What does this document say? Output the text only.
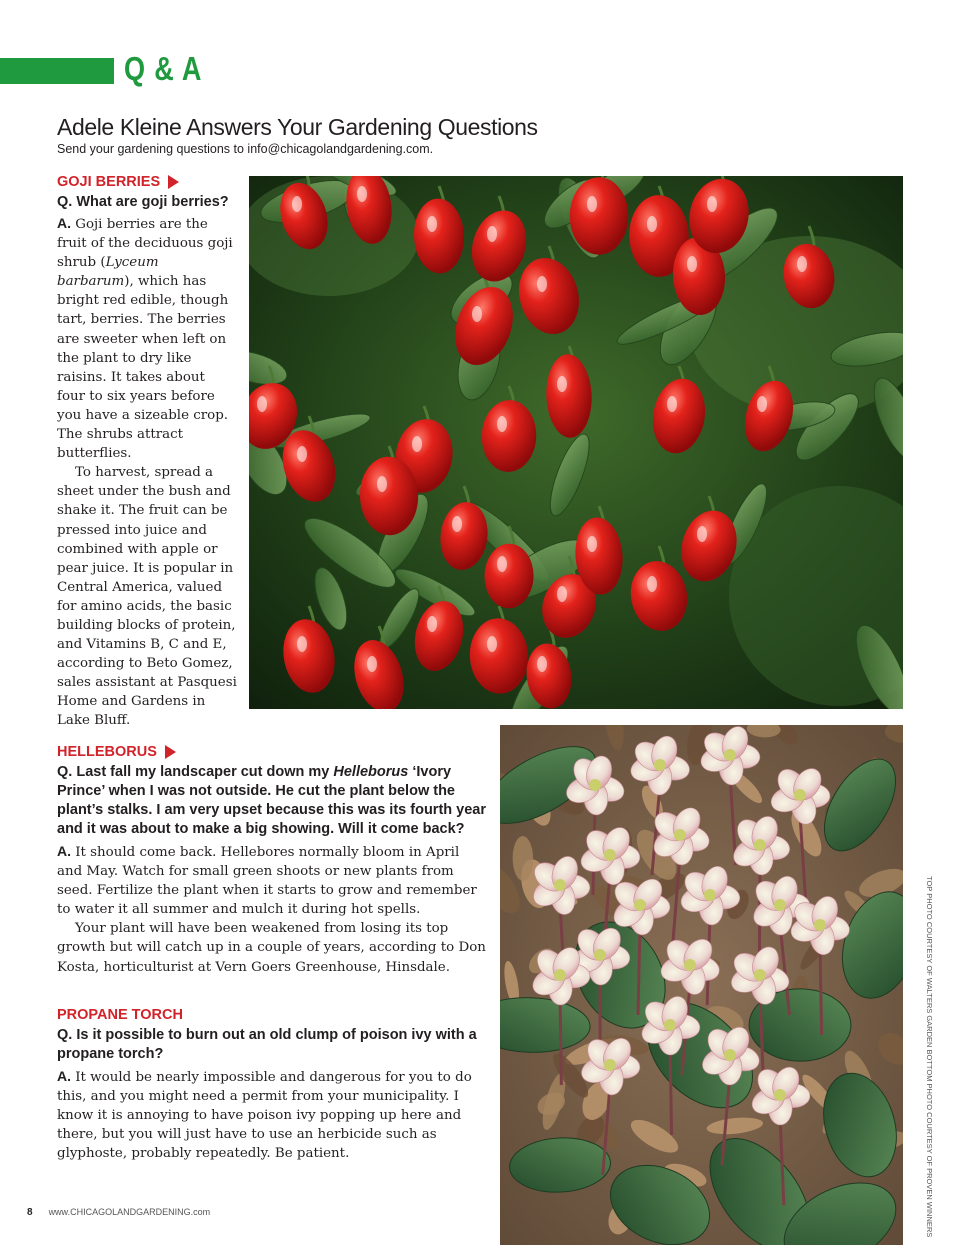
Q & A
Adele Kleine Answers Your Gardening Questions

Send your gardening questions to info@chicagolandgardening.com.

GOJI BERRIES

Q. What are goji berries?

A. Goji berries are the fruit of the deciduous goji shrub (Lyceum barbarum), which has bright red edible, though tart, berries. The berries are sweeter when left on the plant to dry like raisins. It takes about four to six years before you have a sizeable crop. The shrubs attract butterflies.

To harvest, spread a sheet under the bush and shake it. The fruit can be pressed into juice and combined with apple or pear juice. It is popular in Central America, valued for amino acids, the basic building blocks of protein, and Vitamins B, C and E, according to Beto Gomez, sales assistant at Pasquesi Home and Gardens in Lake Bluff.

HELLEBORUS

Q. Last fall my landscaper cut down my Helleborus ‘Ivory Prince’ when I was not outside. He cut the plant below the plant’s stalks. I am very upset because this was its fourth year and it was about to make a big showing. Will it come back?

A. It should come back. Hellebores normally bloom in April and May. Watch for small green shoots or new plants from seed. Fertilize the plant when it starts to grow and remember to water it all summer and mulch it during hot spells.

Your plant will have been weakened from losing its top growth but will catch up in a couple of years, according to Don Kosta, horticulturist at Vern Goers Greenhouse, Hinsdale.

PROPANE TORCH

Q. Is it possible to burn out an old clump of poison ivy with a propane torch?

A. It would be nearly impossible and dangerous for you to do this, and you might need a permit from your municipality. I know it is annoying to have poison ivy popping up here and there, but you will just have to use an herbicide such as glyphoste, probably repeatedly. Be patient.	TOP PHOTO COURTESY OF WALTERS GARDEN BOTTOM PHOTO COURTESY OF PROVEN WINNERS

8 www.CHICAGOLANDGARDENING.com
